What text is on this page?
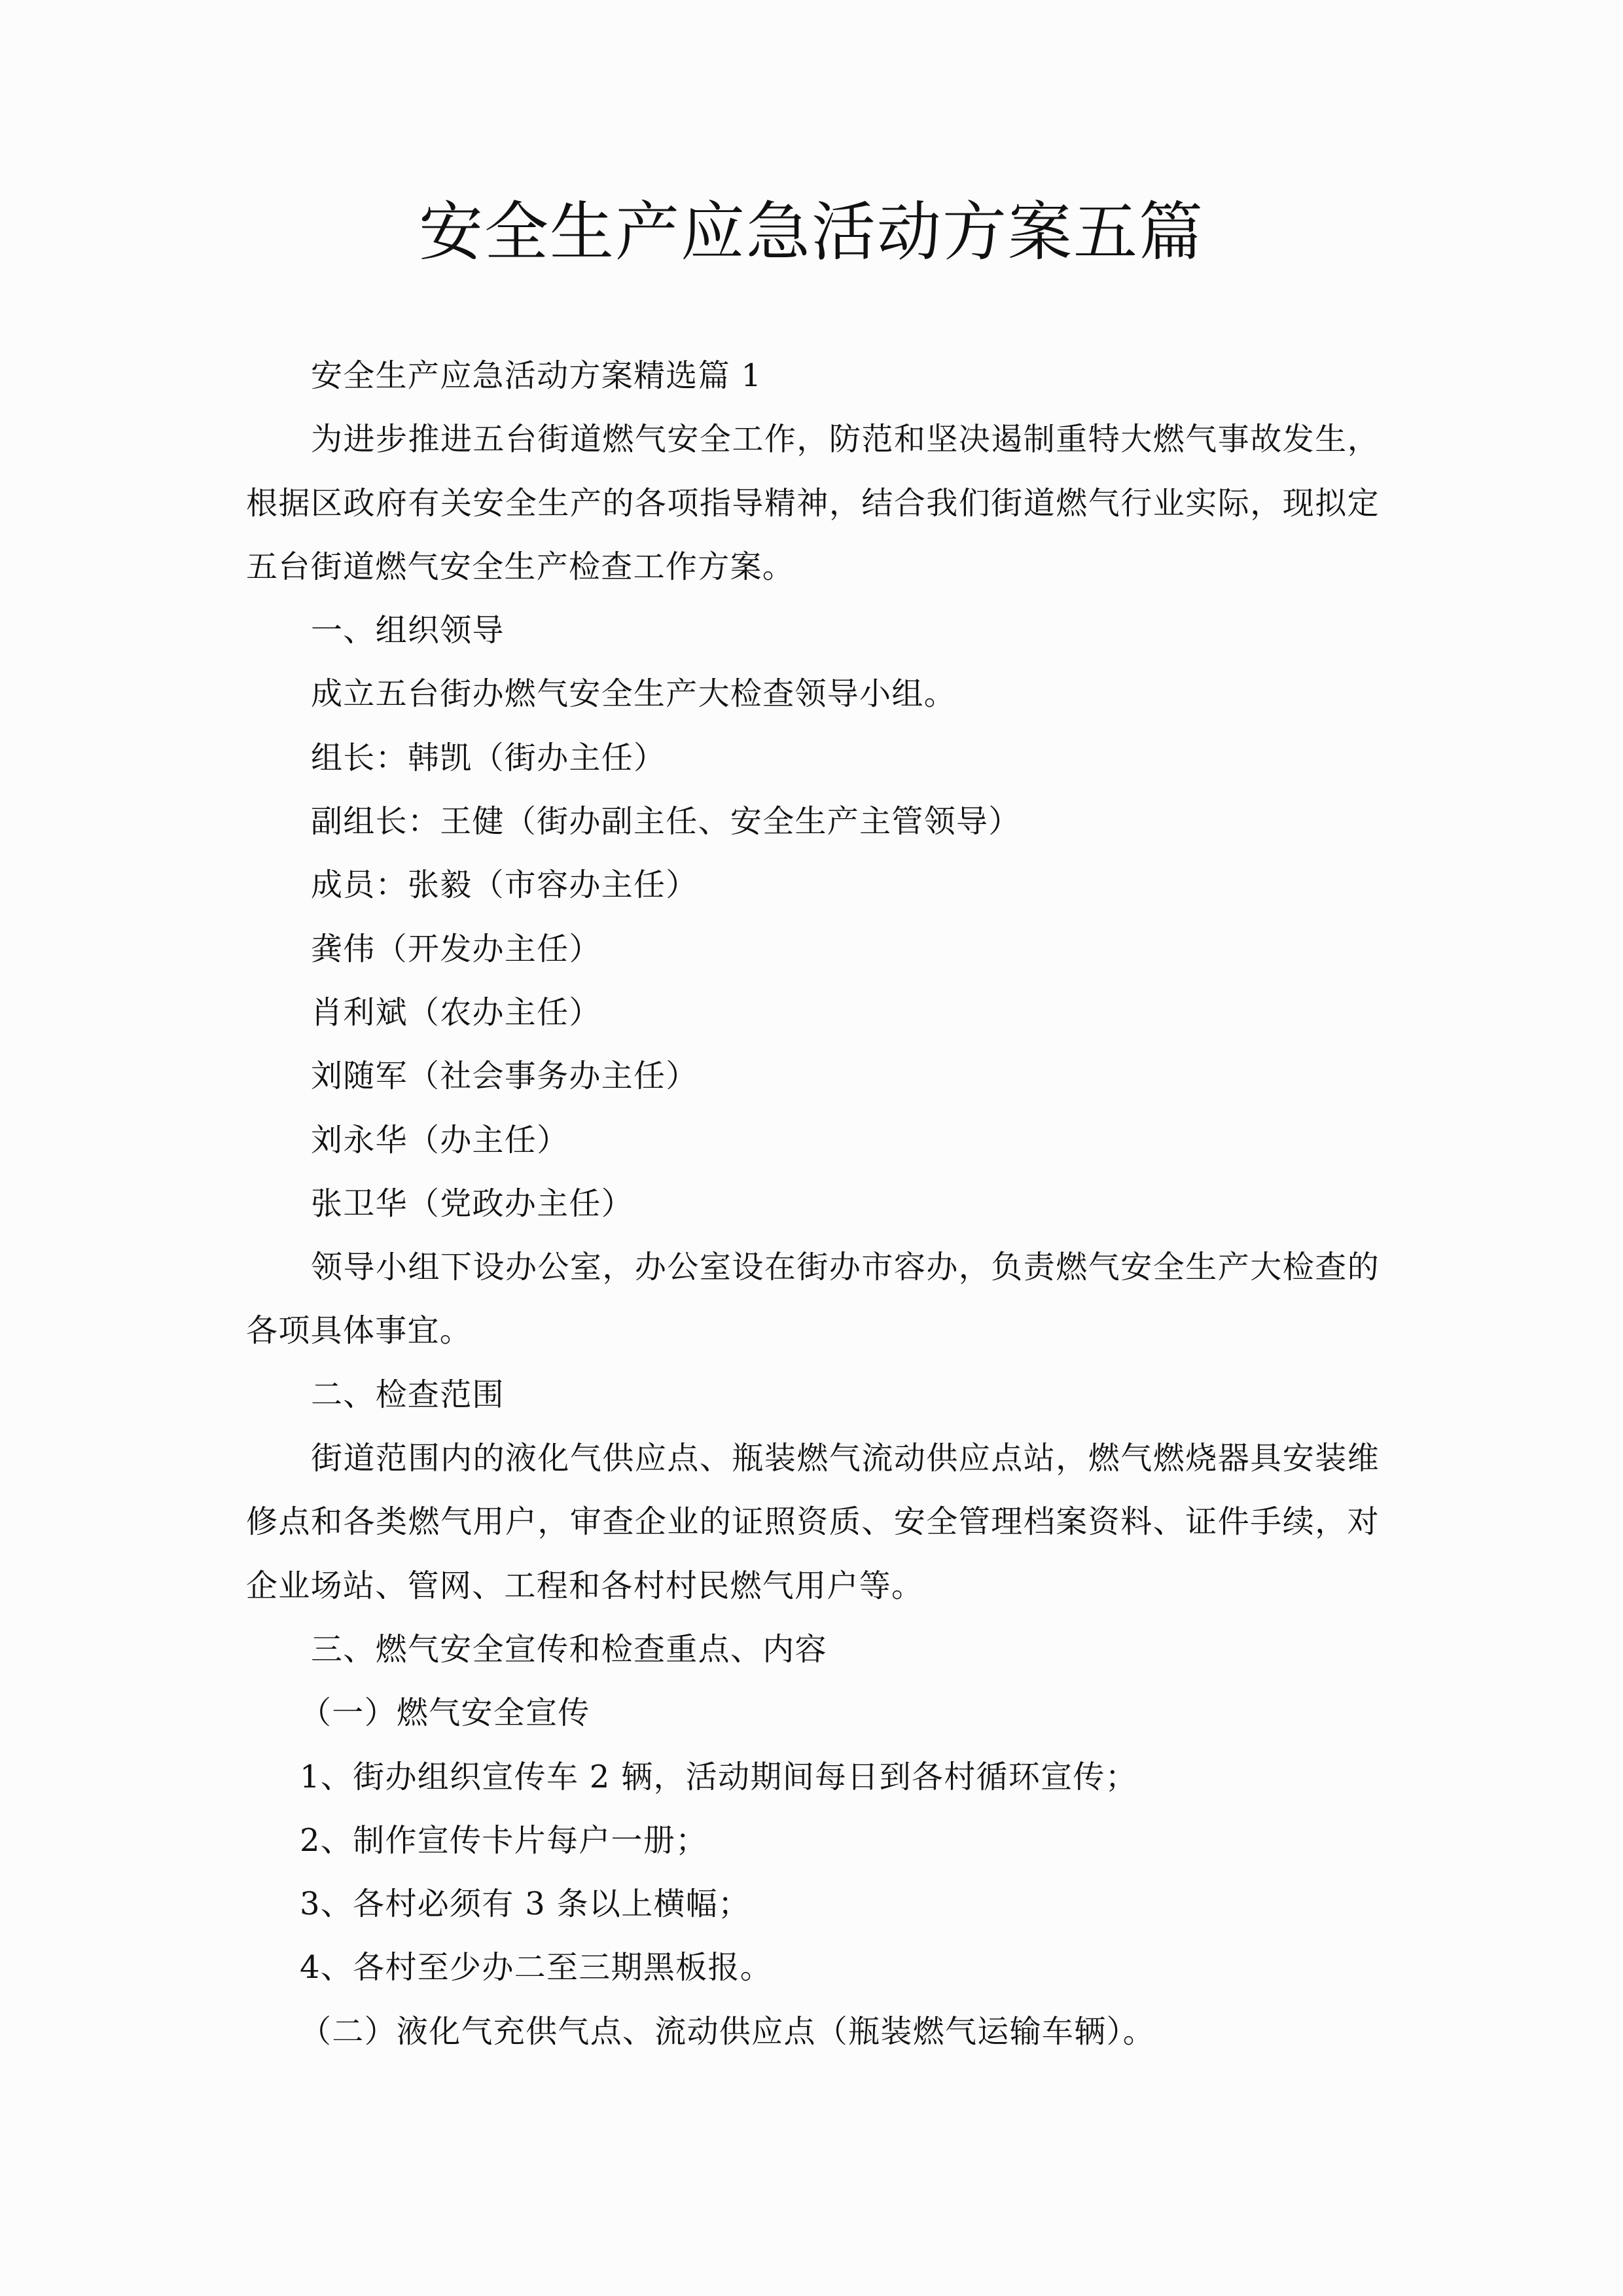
安全生产应急活动方案五篇

安全生产应急活动方案精选篇 1

为进步推进五台街道燃气安全工作，防范和坚决遏制重特大燃气事故发生，根据区政府有关安全生产的各项指导精神，结合我们街道燃气行业实际，现拟定五台街道燃气安全生产检查工作方案。

一、组织领导

成立五台街办燃气安全生产大检查领导小组。

组长：韩凯（街办主任）

副组长：王健（街办副主任、安全生产主管领导）

成员：张毅（市容办主任）

龚伟（开发办主任）

肖利斌（农办主任）

刘随军（社会事务办主任）

刘永华（办主任）

张卫华（党政办主任）

领导小组下设办公室，办公室设在街办市容办，负责燃气安全生产大检查的各项具体事宜。

二、检查范围

街道范围内的液化气供应点、瓶装燃气流动供应点站，燃气燃烧器具安装维修点和各类燃气用户，审查企业的证照资质、安全管理档案资料、证件手续，对企业场站、管网、工程和各村村民燃气用户等。

三、燃气安全宣传和检查重点、内容

（一）燃气安全宣传

1、街办组织宣传车 2 辆，活动期间每日到各村循环宣传；

2、制作宣传卡片每户一册；

3、各村必须有 3 条以上横幅；

4、各村至少办二至三期黑板报。

（二）液化气充供气点、流动供应点（瓶装燃气运输车辆）。
